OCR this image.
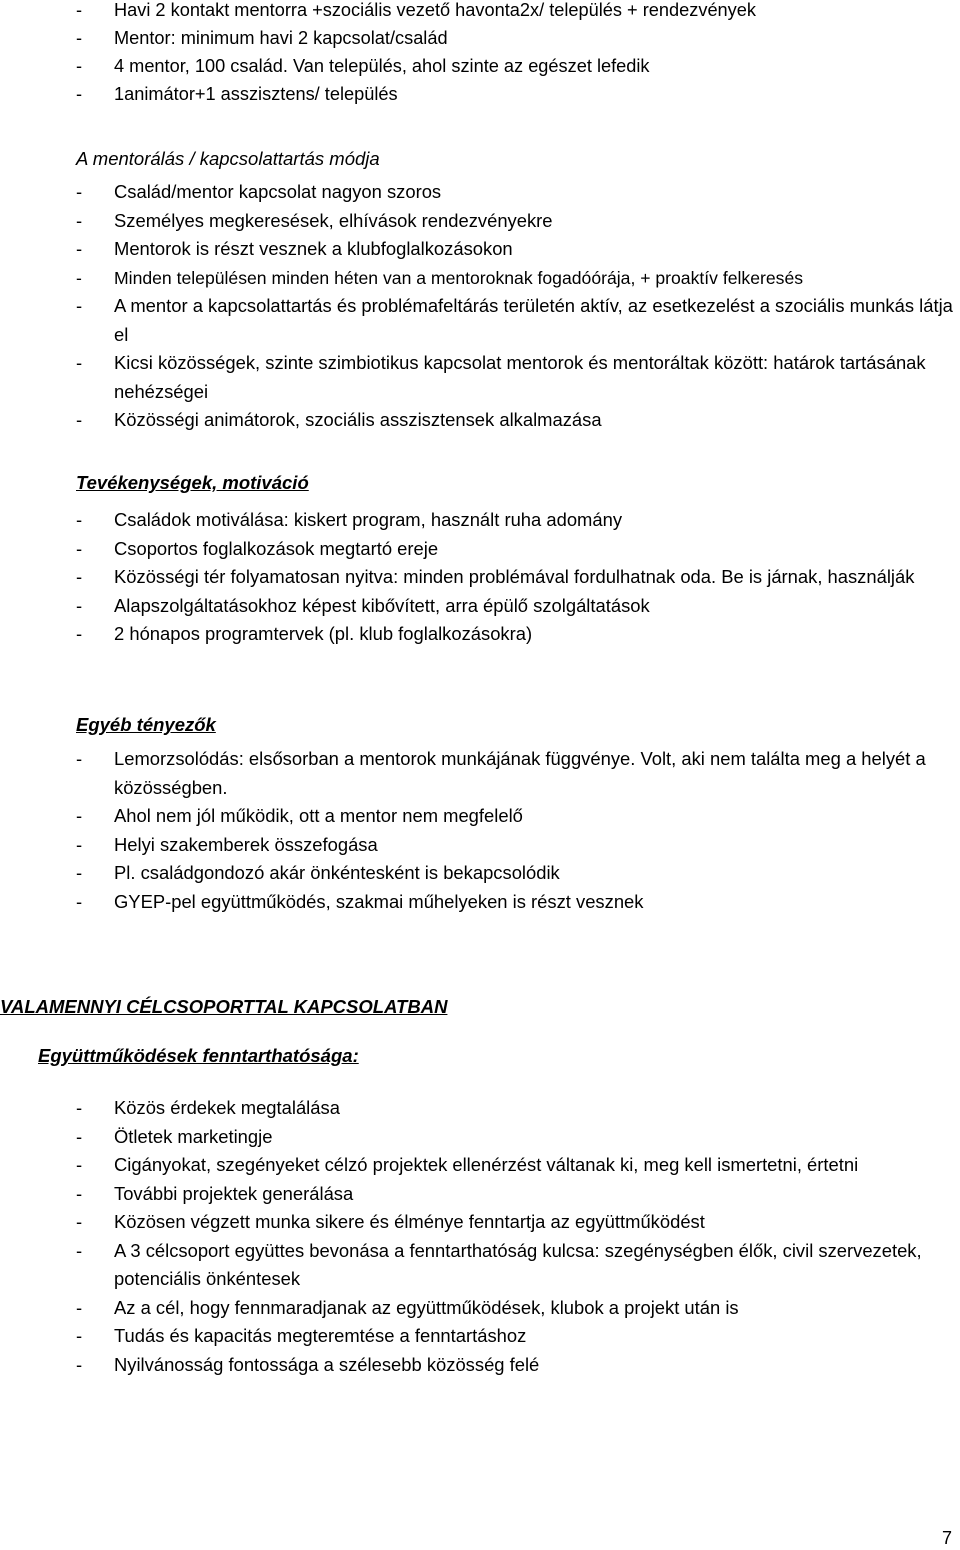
- Havi 2 kontakt mentorra +szociális vezető havonta2x/ település + rendezvények
- Mentor: minimum havi 2 kapcsolat/család
- 4 mentor, 100 család. Van település, ahol szinte az egészet lefedik
- 1animátor+1 asszisztens/ település
A mentorálás / kapcsolattartás módja
- Család/mentor kapcsolat nagyon szoros
- Személyes megkeresések, elhívások rendezvényekre
- Mentorok is részt vesznek a klubfoglalkozásokon
- Minden településen minden héten van a mentoroknak fogadóórája, + proaktív felkeresés
- A mentor a kapcsolattartás és problémafeltárás területén aktív, az esetkezelést a szociális munkás látja el
- Kicsi közösségek, szinte szimbiotikus kapcsolat mentorok és mentoráltak között: határok tartásának nehézségei
- Közösségi animátorok, szociális asszisztensek alkalmazása
Tevékenységek, motiváció
- Családok motiválása: kiskert program, használt ruha adomány
- Csoportos foglalkozások megtartó ereje
- Közösségi tér folyamatosan nyitva: minden problémával fordulhatnak oda. Be is járnak, használják
- Alapszolgáltatásokhoz képest kibővített, arra épülő szolgáltatások
- 2 hónapos programtervek (pl. klub foglalkozásokra)
Egyéb tényezők
- Lemorzsolódás: elsősorban a mentorok munkájának függvénye. Volt, aki nem találta meg a helyét a közösségben.
- Ahol nem jól működik, ott a mentor nem megfelelő
- Helyi szakemberek összefogása
- Pl. családgondozó akár önkéntesként is bekapcsolódik
- GYEP-pel együttműködés, szakmai műhelyeken is részt vesznek
VALAMENNYI CÉLCSOPORTTAL KAPCSOLATBAN
Együttműködések fenntarthatósága:
- Közös érdekek megtalálása
- Ötletek marketingje
- Cigányokat, szegényeket célzó projektek ellenérzést váltanak ki, meg kell ismertetni, értetni
- További projektek generálása
- Közösen végzett munka sikere és élménye fenntartja az együttműködést
- A 3 célcsoport együttes bevonása a fenntarthatóság kulcsa: szegénységben élők, civil szervezetek, potenciális önkéntesek
- Az a cél, hogy fennmaradjanak az együttműködések, klubok a projekt után is
- Tudás és kapacitás megteremtése a fenntartáshoz
- Nyilvánosság fontossága a szélesebb közösség felé
7
